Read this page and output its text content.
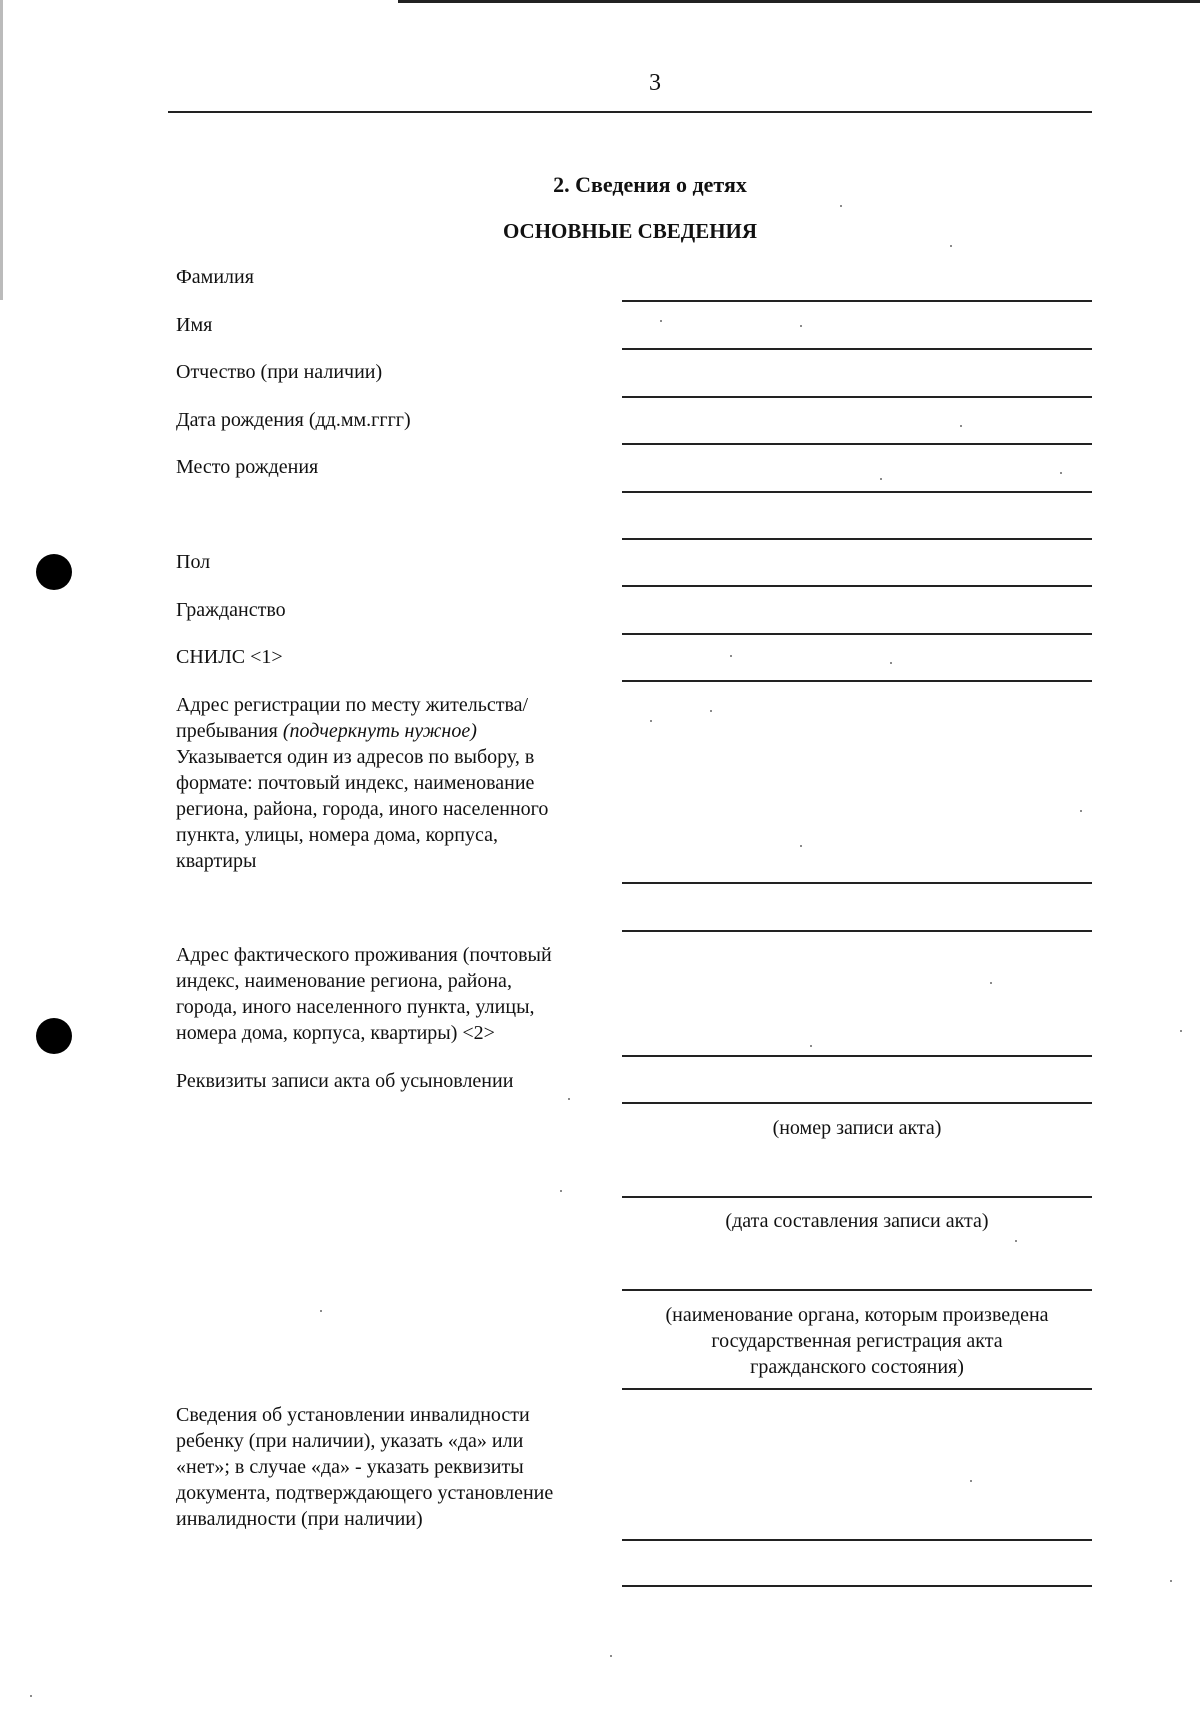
3
2. Сведения о детях
ОСНОВНЫЕ СВЕДЕНИЯ
Фамилия
Имя
Отчество (при наличии)
Дата рождения (дд.мм.гггг)
Место рождения
Пол
Гражданство
СНИЛС <1>
Адрес регистрации по месту жительства/
пребывания (подчеркнуть нужное)
Указывается один из адресов по выбору, в
формате: почтовый индекс, наименование
региона, района, города, иного населенного
пункта, улицы, номера дома, корпуса,
квартиры
Адрес фактического проживания (почтовый
индекс, наименование региона, района,
города, иного населенного пункта, улицы,
номера дома, корпуса, квартиры) <2>
Реквизиты записи акта об усыновлении
(номер записи акта)
(дата составления записи акта)
(наименование органа, которым произведена
государственная регистрация акта
гражданского состояния)
Сведения об установлении инвалидности
ребенку (при наличии), указать «да» или
«нет»; в случае «да» - указать реквизиты
документа, подтверждающего установление
инвалидности (при наличии)
